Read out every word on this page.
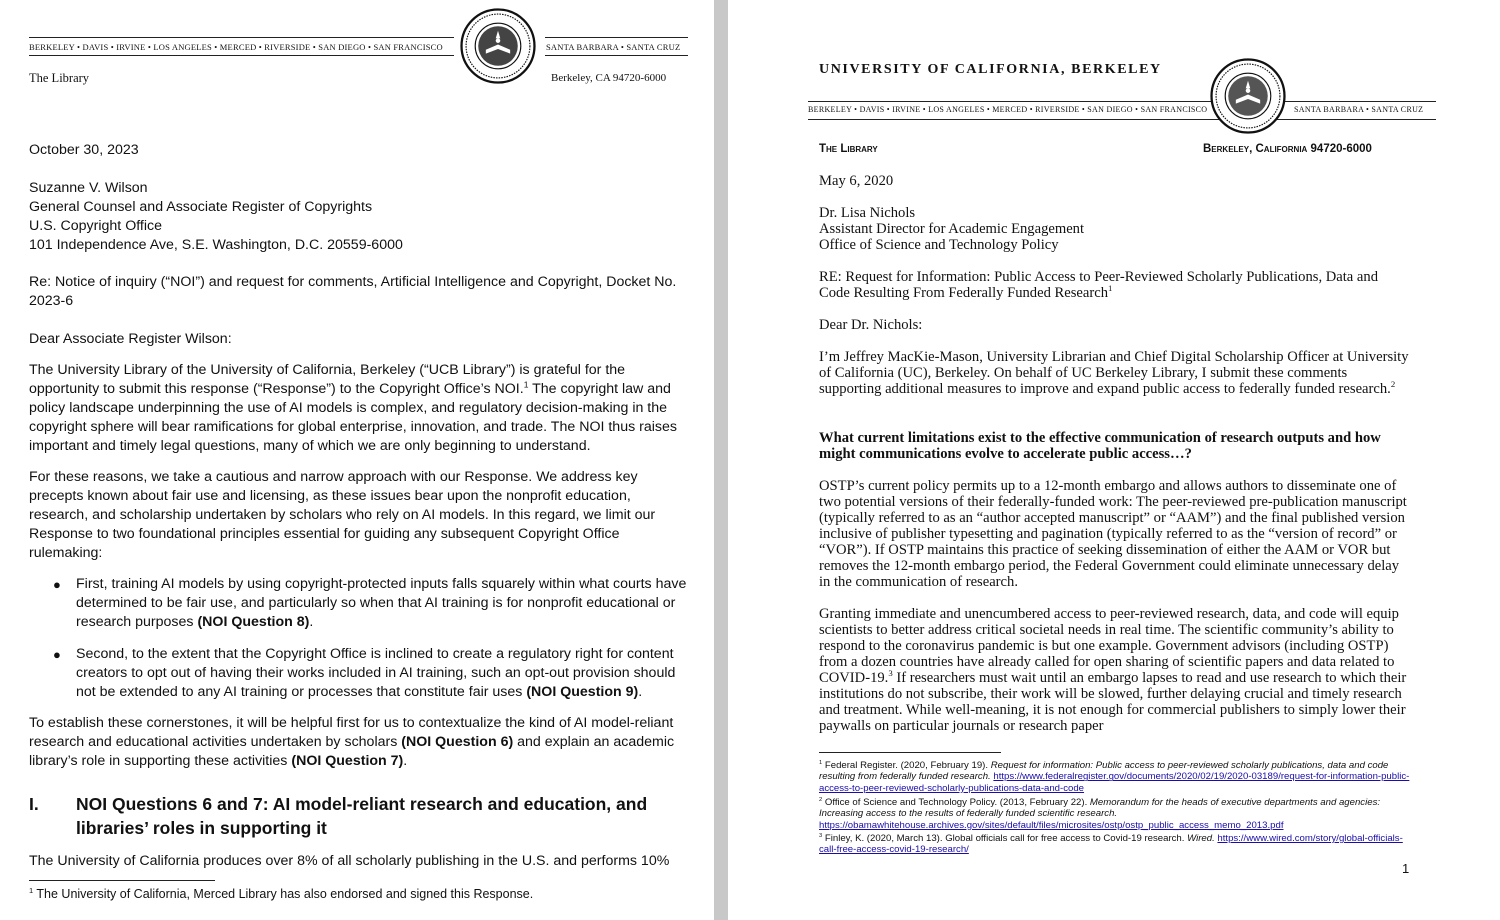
BERKELEY • DAVIS • IRVINE • LOS ANGELES • MERCED • RIVERSIDE • SAN DIEGO • SAN FRANCISCO	SANTA BARBARA • SANTA CRUZ
The Library	Berkeley, CA 94720-6000
October 30, 2023
Suzanne V. Wilson
General Counsel and Associate Register of Copyrights
U.S. Copyright Office
101 Independence Ave, S.E. Washington, D.C. 20559-6000
Re: Notice of inquiry (“NOI”) and request for comments, Artificial Intelligence and Copyright, Docket No. 2023-6
Dear Associate Register Wilson:
The University Library of the University of California, Berkeley (“UCB Library”) is grateful for the opportunity to submit this response (“Response”) to the Copyright Office’s NOI.$^1$ The copyright law and policy landscape underpinning the use of AI models is complex, and regulatory decision-making in the copyright sphere will bear ramifications for global enterprise, innovation, and trade. The NOI thus raises important and timely legal questions, many of which we are only beginning to understand.
For these reasons, we take a cautious and narrow approach with our Response. We address key precepts known about fair use and licensing, as these issues bear upon the nonprofit education, research, and scholarship undertaken by scholars who rely on AI models. In this regard, we limit our Response to two foundational principles essential for guiding any subsequent Copyright Office rulemaking:
● First, training AI models by using copyright-protected inputs falls squarely within what courts have determined to be fair use, and particularly so when that AI training is for nonprofit educational or research purposes (NOI Question 8).
● Second, to the extent that the Copyright Office is inclined to create a regulatory right for content creators to opt out of having their works included in AI training, such an opt-out provision should not be extended to any AI training or processes that constitute fair uses (NOI Question 9).
To establish these cornerstones, it will be helpful first for us to contextualize the kind of AI model-reliant research and educational activities undertaken by scholars (NOI Question 6) and explain an academic library’s role in supporting these activities (NOI Question 7).
I. NOI Questions 6 and 7: AI model-reliant research and education, and libraries’ roles in supporting it
The University of California produces over 8% of all scholarly publishing in the U.S. and performs 10%
$^1$ The University of California, Merced Library has also endorsed and signed this Response.
UNIVERSITY OF CALIFORNIA, BERKELEY
BERKELEY • DAVIS • IRVINE • LOS ANGELES • MERCED • RIVERSIDE • SAN DIEGO • SAN FRANCISCO	SANTA BARBARA • SANTA CRUZ
The Library	Berkeley, California 94720-6000
May 6, 2020
Dr. Lisa Nichols
Assistant Director for Academic Engagement
Office of Science and Technology Policy
RE: Request for Information: Public Access to Peer-Reviewed Scholarly Publications, Data and Code Resulting From Federally Funded Research$^1$
Dear Dr. Nichols:
I’m Jeffrey MacKie-Mason, University Librarian and Chief Digital Scholarship Officer at University of California (UC), Berkeley. On behalf of UC Berkeley Library, I submit these comments supporting additional measures to improve and expand public access to federally funded research.$^2$
What current limitations exist to the effective communication of research outputs and how might communications evolve to accelerate public access…?
OSTP’s current policy permits up to a 12-month embargo and allows authors to disseminate one of two potential versions of their federally-funded work: The peer-reviewed pre-publication manuscript (typically referred to as an “author accepted manuscript” or “AAM”) and the final published version inclusive of publisher typesetting and pagination (typically referred to as the “version of record” or “VOR”). If OSTP maintains this practice of seeking dissemination of either the AAM or VOR but removes the 12-month embargo period, the Federal Government could eliminate unnecessary delay in the communication of research.
Granting immediate and unencumbered access to peer-reviewed research, data, and code will equip scientists to better address critical societal needs in real time. The scientific community’s ability to respond to the coronavirus pandemic is but one example. Government advisors (including OSTP) from a dozen countries have already called for open sharing of scientific papers and data related to COVID-19.$^3$ If researchers must wait until an embargo lapses to read and use research to which their institutions do not subscribe, their work will be slowed, further delaying crucial and timely research and treatment. While well-meaning, it is not enough for commercial publishers to simply lower their paywalls on particular journals or research paper
$^1$ Federal Register. (2020, February 19). Request for information: Public access to peer-reviewed scholarly publications, data and code resulting from federally funded research. https://www.federalregister.gov/documents/2020/02/19/2020-03189/request-for-information-public-access-to-peer-reviewed-scholarly-publications-data-and-code
$^2$ Office of Science and Technology Policy. (2013, February 22). Memorandum for the heads of executive departments and agencies: Increasing access to the results of federally funded scientific research. https://obamawhitehouse.archives.gov/sites/default/files/microsites/ostp/ostp_public_access_memo_2013.pdf
$^3$ Finley, K. (2020, March 13). Global officials call for free access to Covid-19 research. Wired. https://www.wired.com/story/global-officials-call-free-access-covid-19-research/
1
